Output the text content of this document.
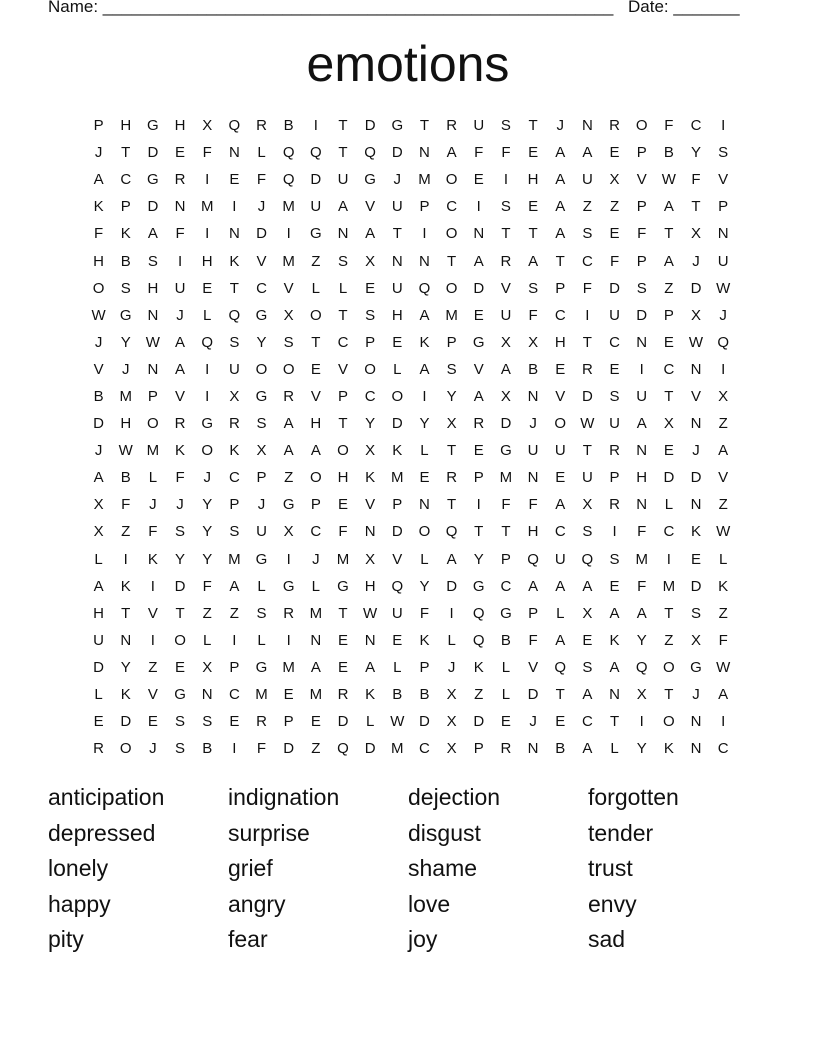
Name: ______________________________________________________ Date: _______
emotions
P	H	G	H	X	Q	R	B	I	T	D	G	T	R	U	S	T	J	N	R	O	F	C	I
J	T	D	E	F	N	L	Q	Q	T	Q	D	N	A	F	F	E	A	A	E	P	B	Y	S
A	C	G	R	I	E	F	Q	D	U	G	J	M	O	E	I	H	A	U	X	V	W	F	V
K	P	D	N	M	I	J	M	U	A	V	U	P	C	I	S	E	A	Z	Z	P	A	T	P
F	K	A	F	I	N	D	I	G	N	A	T	I	O	N	T	T	A	S	E	F	T	X	N
H	B	S	I	H	K	V	M	Z	S	X	N	N	T	A	R	A	T	C	F	P	A	J	U
O	S	H	U	E	T	C	V	L	L	E	U	Q	O	D	V	S	P	F	D	S	Z	D W
W G	N	J	L	Q	G	X	O	T	S	H	A	M	E	U	F	C	I	U	D	P	X	J
J	Y	W	A	Q	S	Y	S	T	C	P	E	K	P	G	X	X	H	T	C	N	E	W Q
V	J	N	A	I	U	O	O	E	V	O	L	A	S	V	A	B	E	R	E	I	C	N	I
B	M	P	V	I	X	G	R	V	P	C	O	I	Y	A	X	N	V	D	S	U	T	V	X
D	H	O	R	G	R	S	A	H	T	Y	D	Y	X	R	D	J	O W U	A	X	N	Z
J	W M	K	O	K	X	A	A	O	X	K	L	T	E	G	U	U	T	R	N	E	J	A
A	B	L	F	J	C	P	Z	O	H	K	M	E	R	P	M	N	E	U	P	H	D	D	V
X	F	J	J	Y	P	J	G	P	E	V	P	N	T	I	F	F	A	X	R	N	L	N	Z
X	Z	F	S	Y	S	U	X	C	F	N	D	O	Q	T	T	H	C	S	I	F	C	K	W
L	I	K	Y	Y	M	G	I	J	M	X	V	L	A	Y	P	Q	U	Q	S	M	I	E	L
A	K	I	D	F	A	L	G	L	G	H	Q	Y	D	G	C	A	A	A	E	F	M	D	K
H	T	V	T	Z	Z	S	R	M	T	W U	F	I	Q	G	P	L	X	A	A	T	S	Z
U	N	I	O	L	I	L	I	N	E	N	E	K	L	Q	B	F	A	E	K	Y	Z	X	F
D	Y	Z	E	X	P	G	M	A	E	A	L	P	J	K	L	V	Q	S	A	Q	O	G W
L	K	V	G	N	C	M	E	M	R	K	B	B	X	Z	L	D	T	A	N	X	T	J	A
E	D	E	S	S	E	R	P	E	D	L	W D	X	D	E	J	E	C	T	I	O	N	I
R	O	J	S	B	I	F	D	Z	Q	D	M	C	X	P	R	N	B	A	L	Y	K	N	C
anticipation	indignation	dejection	forgotten
depressed	surprise	disgust	tender
lonely	grief	shame	trust
happy	angry	love	envy
pity	fear	joy	sad
